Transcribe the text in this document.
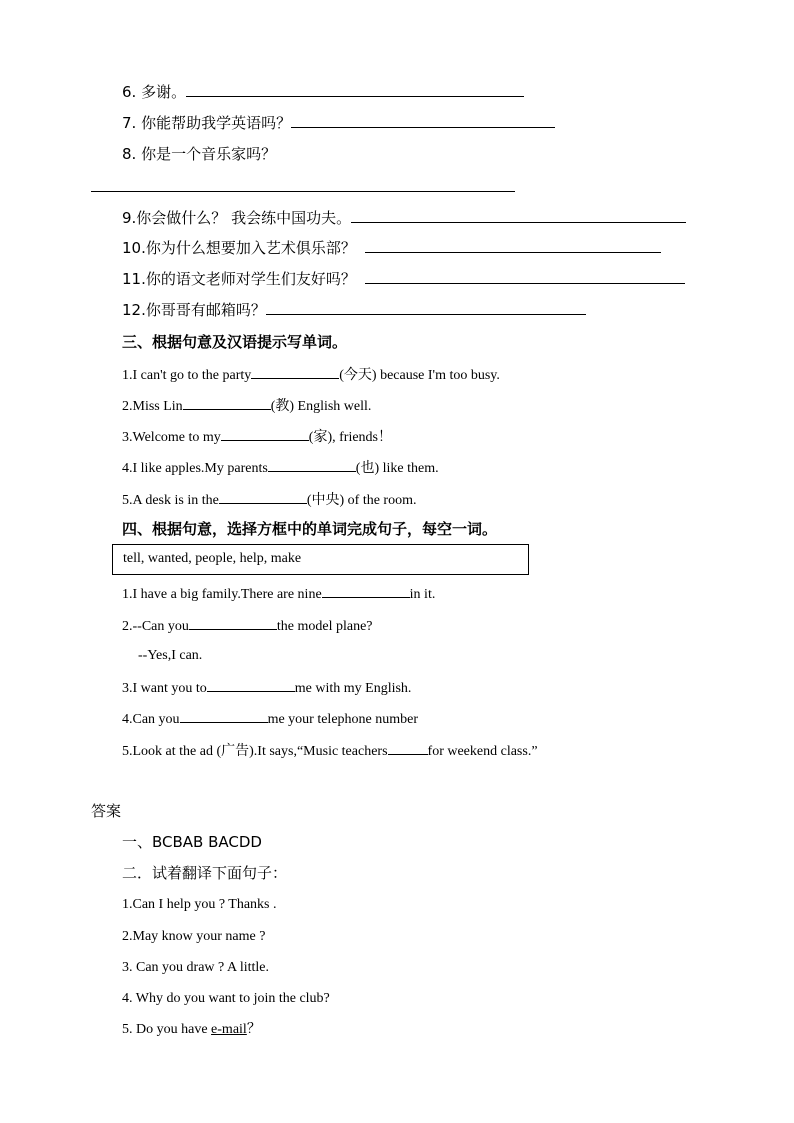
6. 多谢。
7. 你能帮助我学英语吗？
8. 你是一个音乐家吗？
9.你会做什么？ 我会练中国功夫。
10.你为什么想要加入艺术俱乐部？
11.你的语文老师对学生们友好吗？
12.你哥哥有邮箱吗？
三、根据句意及汉语提示写单词。
1.I can't go to the party	(今天) because I'm too busy.
2.Miss Lin	(教) English well.
3.Welcome to my	(家), friends！
4.I like apples.My parents	(也) like them.
5.A desk is in the	(中央) of the room.
四、根据句意，选择方框中的单词完成句子，每空一词。
tell, wanted, people, help, make
1.I have a big family.There are nine	in it.
2.--Can you	the model plane?
--Yes,I can.
3.I want you to	me with my English.
4.Can you	me your telephone number
5.Look at the ad (广告).It says,“Music teachers	for weekend class.”
答案
一、BCBAB BACDD
二．试着翻译下面句子：
1.Can I help you ? Thanks .
2.May know your name ?
3. Can you draw ? A little.
4. Why do you want to join the club?
5. Do you have e-mail？
